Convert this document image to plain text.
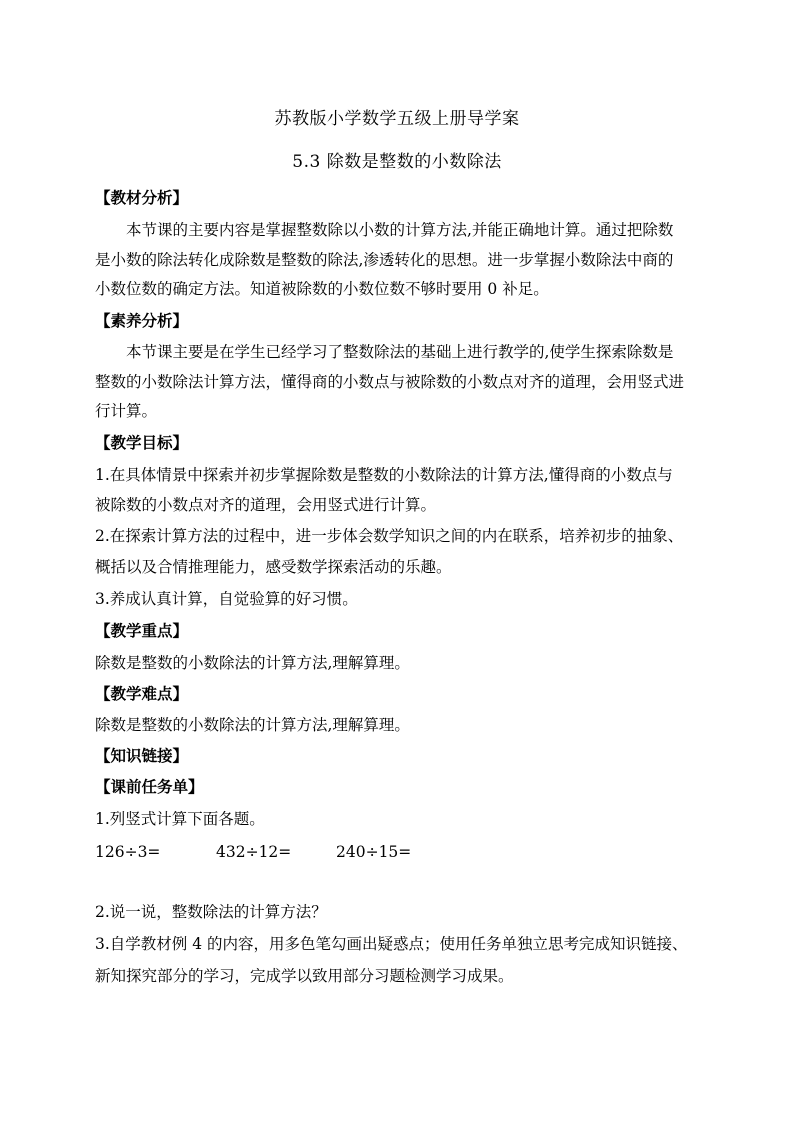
苏教版小学数学五级上册导学案
5.3 除数是整数的小数除法
【教材分析】
本节课的主要内容是掌握整数除以小数的计算方法,并能正确地计算。通过把除数
是小数的除法转化成除数是整数的除法,渗透转化的思想。进一步掌握小数除法中商的
小数位数的确定方法。知道被除数的小数位数不够时要用 0 补足。
【素养分析】
本节课主要是在学生已经学习了整数除法的基础上进行教学的,使学生探索除数是
整数的小数除法计算方法，懂得商的小数点与被除数的小数点对齐的道理，会用竖式进
行计算。
【教学目标】
1.在具体情景中探索并初步掌握除数是整数的小数除法的计算方法,懂得商的小数点与
被除数的小数点对齐的道理，会用竖式进行计算。
2.在探索计算方法的过程中，进一步体会数学知识之间的内在联系，培养初步的抽象、
概括以及合情推理能力，感受数学探索活动的乐趣。
3.养成认真计算，自觉验算的好习惯。
【教学重点】
除数是整数的小数除法的计算方法,理解算理。
【教学难点】
除数是整数的小数除法的计算方法,理解算理。
【知识链接】
【课前任务单】
1.列竖式计算下面各题。
126÷3=	432÷12=	240÷15=
2.说一说，整数除法的计算方法？
3.自学教材例 4 的内容，用多色笔勾画出疑惑点；使用任务单独立思考完成知识链接、
新知探究部分的学习，完成学以致用部分习题检测学习成果。
